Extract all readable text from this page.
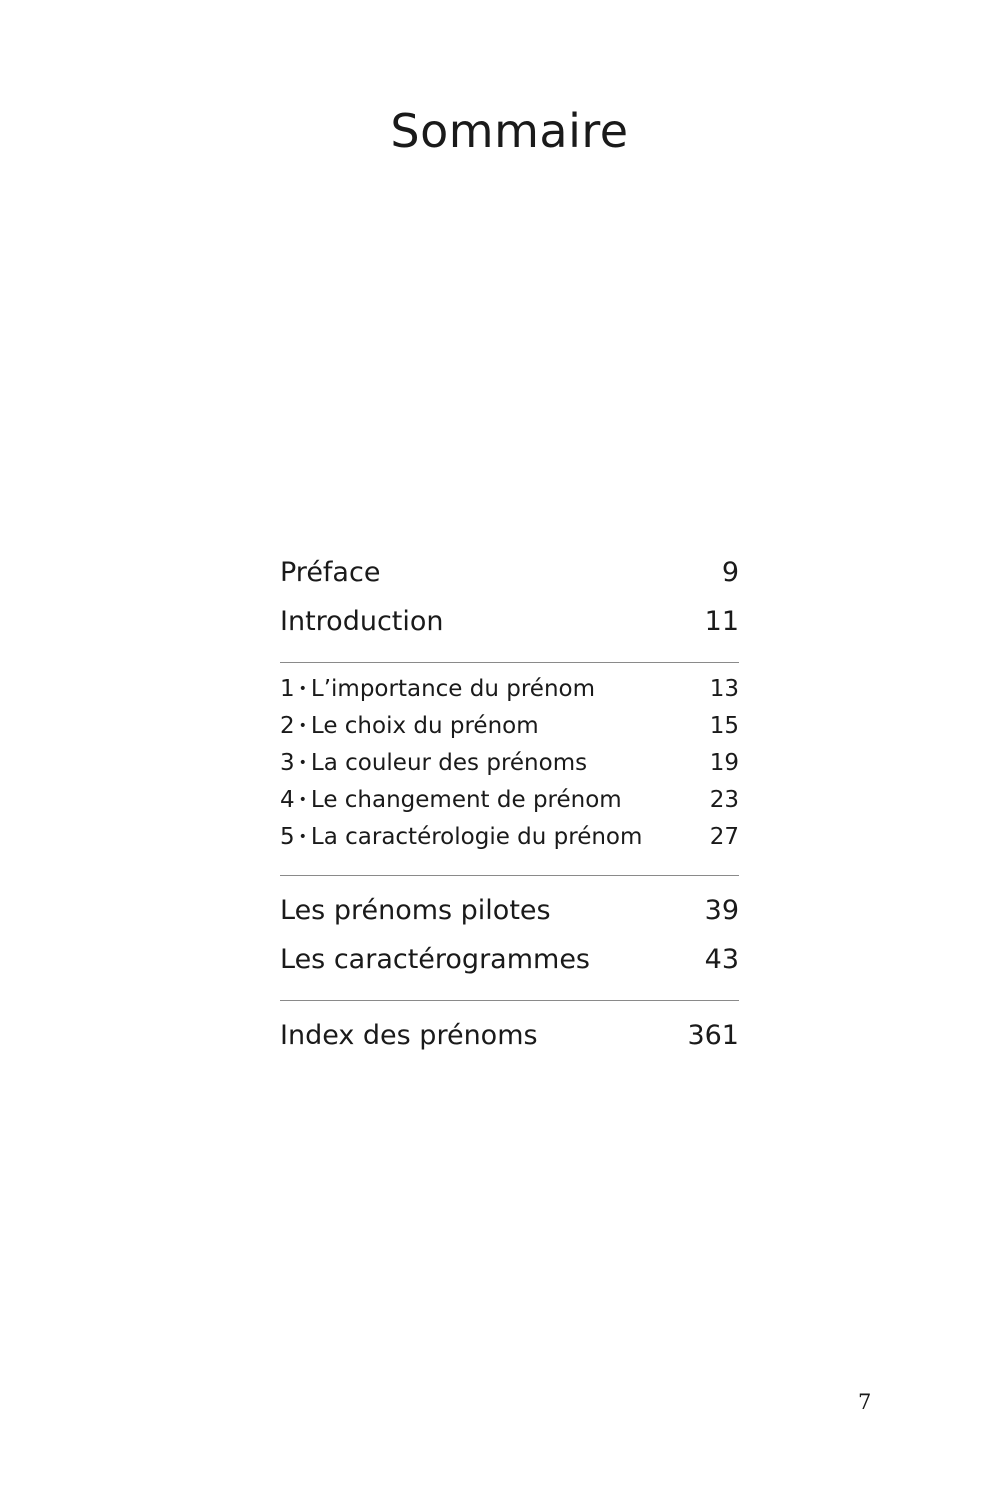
Sommaire
Préface	9
Introduction	11
1 • L’importance du prénom	13
2 • Le choix du prénom	15
3 • La couleur des prénoms	19
4 • Le changement de prénom	23
5 • La caractérologie du prénom	27
Les prénoms pilotes	39
Les caractérogrammes	43
Index des prénoms	361
7
